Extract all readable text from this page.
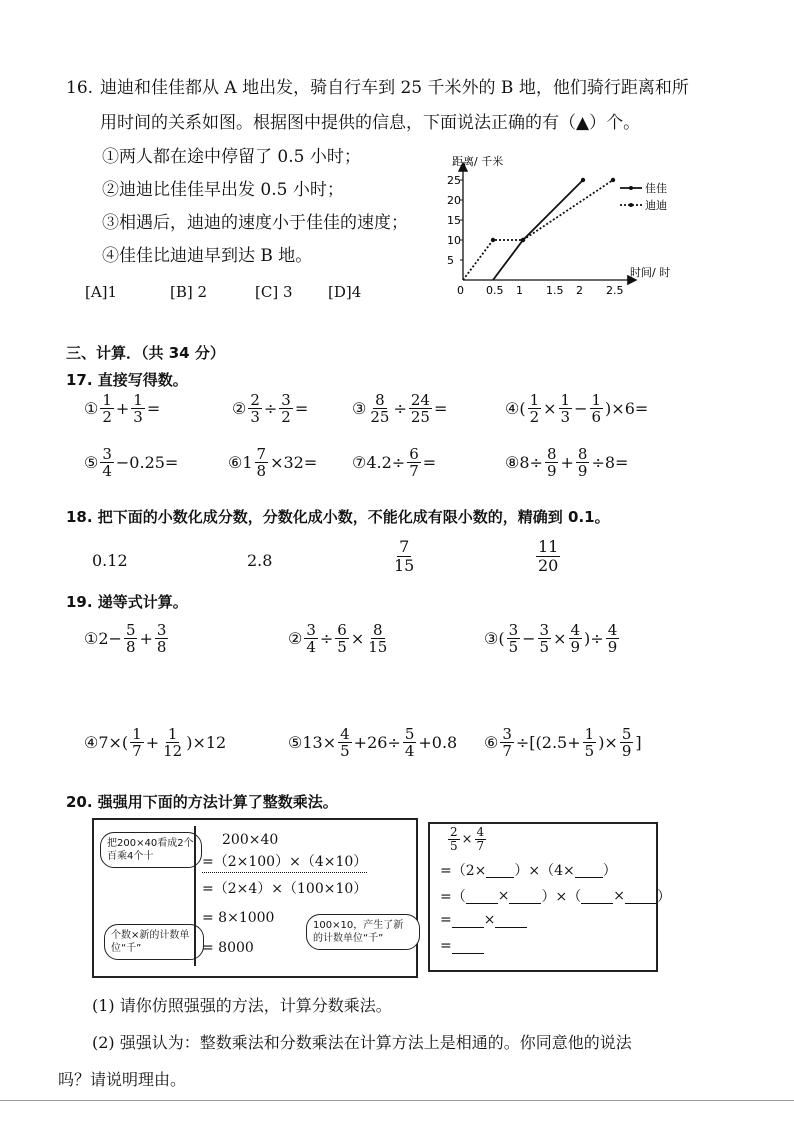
16. 迪迪和佳佳都从 A 地出发，骑自行车到 25 千米外的 B 地，他们骑行距离和所
用时间的关系如图。根据图中提供的信息，下面说法正确的有（▲）个。
①两人都在途中停留了 0.5 小时；
②迪迪比佳佳早出发 0.5 小时；
③相遇后，迪迪的速度小于佳佳的速度；
④佳佳比迪迪早到达 B 地。
[A]1	[B] 2	[C] 3 [D]4	0 0.5 1 1.5 2 2.5
5
10
15
20
25
距离/ 千米
时间/ 时
佳佳
迪迪
三、计算．（共 34 分）
17. 直接写得数。
① $\frac{1}{2} + \frac{1}{3}$ =	② $\frac{2}{3} \div \frac{3}{2}$ =	③ $\frac{8}{25} \div \frac{24}{25}$ =	④ ( $\frac{1}{2} \times \frac{1}{3} - \frac{1}{6} )\times 6=$
⑤ $\frac{3}{4} -0.25=$	⑥ $1 \frac{7}{8} \times 32=$ ⑦ $4.2\div \frac{6}{7}$ =	⑧ $8\div \frac{8}{9} + \frac{8}{9} \div 8=$
18. 把下面的小数化成分数，分数化成小数，不能化成有限小数的，精确到 0.1。
0.12	2.8	$\frac{7}{15}$	$\frac{11}{20}$
19. 递等式计算。
① $2- \frac{5}{8} + \frac{3}{8}$	② $\frac{3}{4} \div \frac{6}{5} \times \frac{8}{15}$	③ ( $\frac{3}{5} - \frac{3}{5} \times \frac{4}{9}$ )÷ $\frac{4}{9}$
④ $7\times( \frac{1}{7} + \frac{1}{12} )\times 12$	⑤ $13\times \frac{4}{5} +26\div \frac{5}{4} +0.8$ ⑥ $\frac{3}{7} \div[(2.5+ \frac{1}{5}$ )× $\frac{5}{9}$ ]
20. 强强用下面的方法计算了整数乘法。
把200×40看成2个百乘4个十
个数×新的计数单位“千”
100×10，产生了新的计数单位“千”
200×40
=（2×100）×（4×10）
=（2×4）×（100×10）
= 8×1000
= 8000
$\frac{2}{5} \times \frac{4}{7}$
=（2× ）×（4× ）
=（ × ）×（ × ）
= ×
=
(1) 请你仿照强强的方法，计算分数乘法。
(2) 强强认为：整数乘法和分数乘法在计算方法上是相通的。你同意他的说法
吗？请说明理由。
